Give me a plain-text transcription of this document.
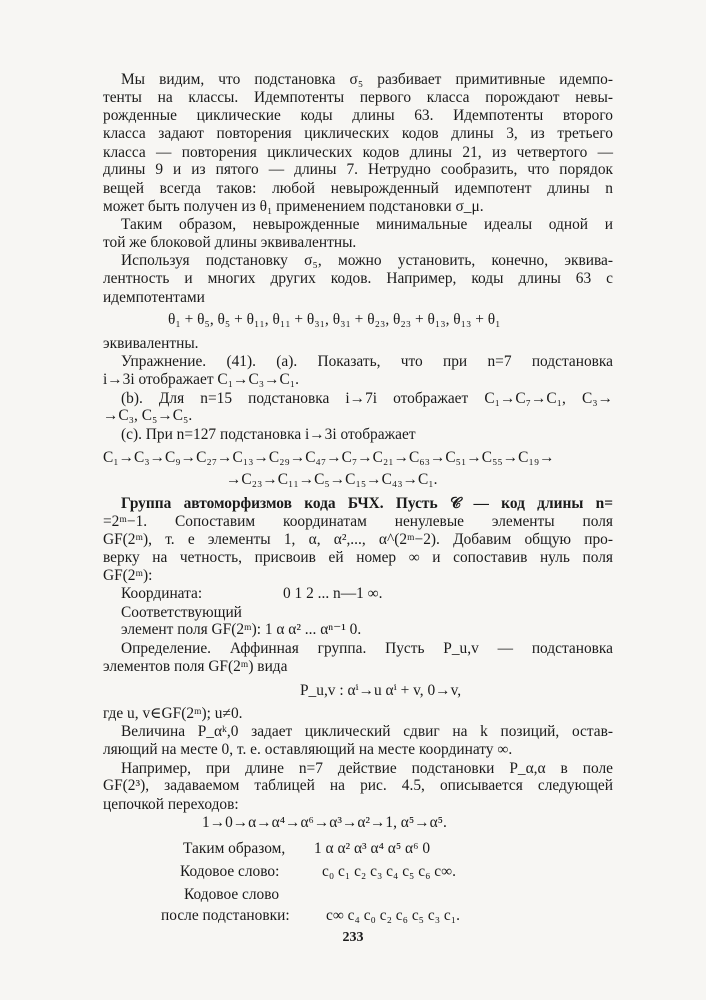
Мы видим, что подстановка σ₅ разбивает примитивные идемпо-
тенты на классы. Идемпотенты первого класса порождают невы-
рожденные циклические коды длины 63. Идемпотенты второго
класса задают повторения циклических кодов длины 3, из третьего
класса — повторения циклических кодов длины 21, из четвертого —
длины 9 и из пятого — длины 7. Нетрудно сообразить, что порядок
вещей всегда таков: любой невырожденный идемпотент длины n
может быть получен из θ₁ применением подстановки σ_μ.
Таким образом, невырожденные минимальные идеалы одной и
той же блоковой длины эквивалентны.
Используя подстановку σ₅, можно установить, конечно, эквива-
лентность и многих других кодов. Например, коды длины 63 с
идемпотентами
θ₁ + θ₅, θ₅ + θ₁₁, θ₁₁ + θ₃₁, θ₃₁ + θ₂₃, θ₂₃ + θ₁₃, θ₁₃ + θ₁
эквивалентны.
Упражнение. (41). (a). Показать, что при n=7 подстановка
i→3i отображает C₁→C₃→C₁.
(b). Для n=15 подстановка i→7i отображает C₁→C₇→C₁, C₃→
→C₃, C₅→C₅.
(c). При n=127 подстановка i→3i отображает
C₁→C₃→C₉→C₂₇→C₁₃→C₂₉→C₄₇→C₇→C₂₁→C₆₃→C₅₁→C₅₅→C₁₉→
→C₂₃→C₁₁→C₅→C₁₅→C₄₃→C₁.
Группа автоморфизмов кода БЧХ. Пусть 𝒞 — код длины n=
=2ᵐ−1. Сопоставим координатам ненулевые элементы поля
GF(2ᵐ), т. е элементы 1, α, α²,..., α^(2ᵐ−2). Добавим общую про-
верку на четность, присвоив ей номер ∞ и сопоставив нуль поля
GF(2ᵐ):
Координата:	0 1 2 ... n—1 ∞.
Соответствующий
элемент поля GF(2ᵐ): 1 α α² ... αⁿ⁻¹ 0.
Определение. Аффинная группа. Пусть P_u,v — подстановка
элементов поля GF(2ᵐ) вида
P_u,v : αⁱ→u αⁱ + v, 0→v,
где u, v∈GF(2ᵐ); u≠0.
Величина P_αᵏ,0 задает циклический сдвиг на k позиций, остав-
ляющий на месте 0, т. е. оставляющий на месте координату ∞.
Например, при длине n=7 действие подстановки P_α,α в поле
GF(2³), задаваемом таблицей на рис. 4.5, описывается следующей
цепочкой переходов:
1→0→α→α⁴→α⁶→α³→α²→1, α⁵→α⁵.
233
Таким образом, 1 α α² α³ α⁴ α⁵ α⁶ 0
Кодовое слово:	c₀ c₁ c₂ c₃ c₄ c₅ c₆ c∞.
Кодовое слово
после подстановки: c∞ c₄ c₀ c₂ c₆ c₅ c₃ c₁.
